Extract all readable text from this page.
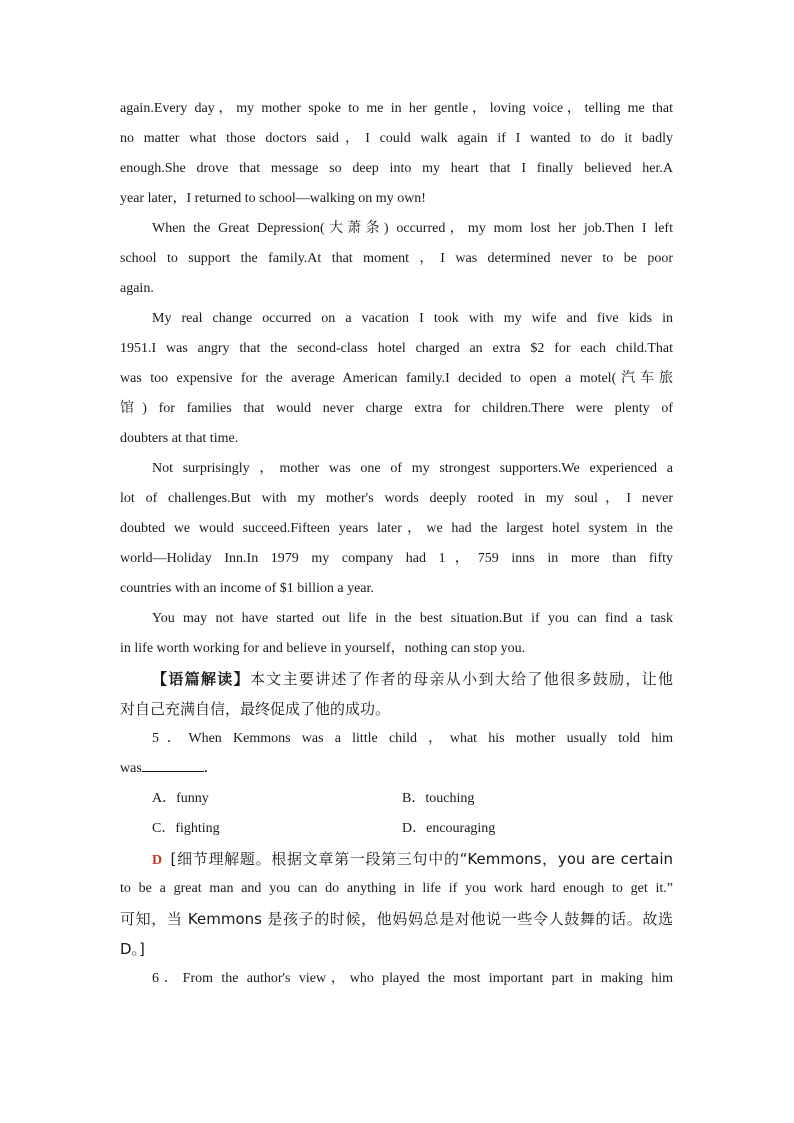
again.Every day，my mother spoke to me in her gentle，loving voice，telling me that
no matter what those doctors said，I could walk again if I wanted to do it badly
enough.She drove that message so deep into my heart that I finally believed her.A
year later，I returned to school—walking on my own!
When the Great Depression(大萧条) occurred，my mom lost her job.Then I left
school to support the family.At that moment ，I was determined never to be poor
again.
My real change occurred on a vacation I took with my wife and five kids in
1951.I was angry that the second-class hotel charged an extra $2 for each child.That
was too expensive for the average American family.I decided to open a motel(汽车旅
馆) for families that would never charge extra for children.There were plenty of
doubters at that time.
Not surprisingly ，mother was one of my strongest supporters.We experienced a
lot of challenges.But with my mother's words deeply rooted in my soul，I never
doubted we would succeed.Fifteen years later，we had the largest hotel system in the
world—Holiday Inn.In 1979 my company had 1，759 inns in more than fifty
countries with an income of $1 billion a year.
You may not have started out life in the best situation.But if you can find a task
in life worth working for and believe in yourself，nothing can stop you.
【语篇解读】本文主要讲述了作者的母亲从小到大给了他很多鼓励，让他
对自己充满自信，最终促成了他的成功。
5．When Kemmons was a little child ，what his mother usually told him
was	．
A．funny	B．touching
C．fighting	D．encouraging
D [细节理解题。根据文章第一段第三句中的“Kemmons，you are certain
to be a great man and you can do anything in life if you work hard enough to get it.”
可知，当 Kemmons 是孩子的时候，他妈妈总是对他说一些令人鼓舞的话。故选
D。]
6．From the author's view，who played the most important part in making him
